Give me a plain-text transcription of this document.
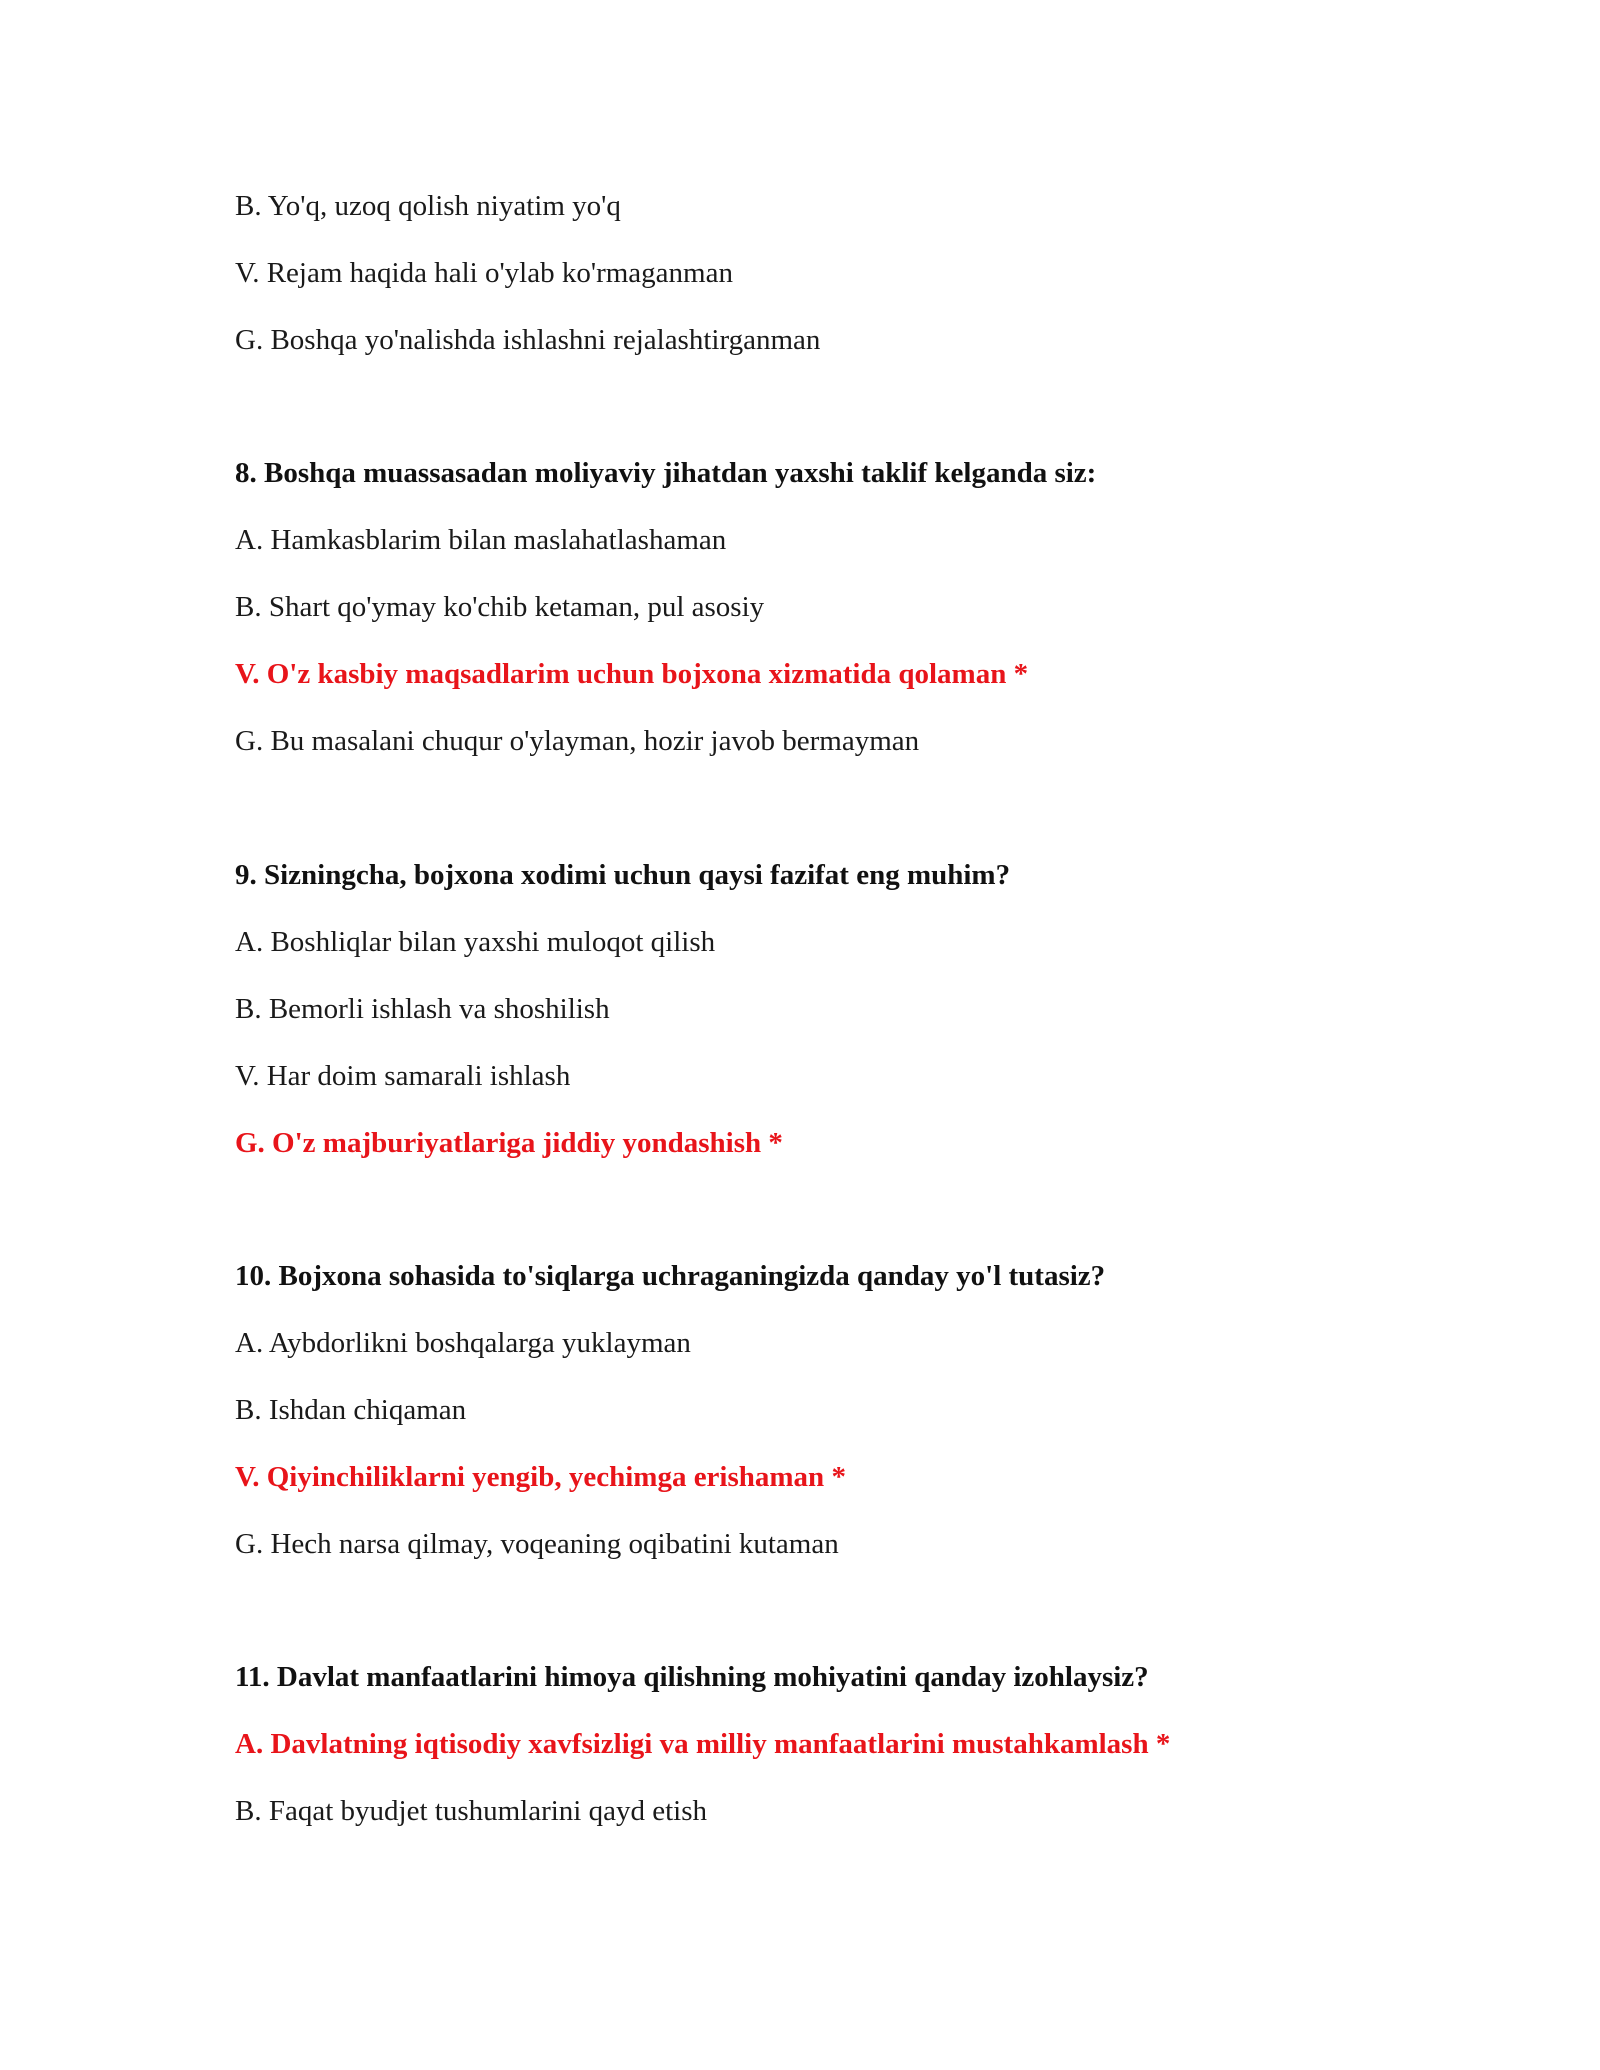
B. Yo'q, uzoq qolish niyatim yo'q
V. Rejam haqida hali o'ylab ko'rmaganman
G. Boshqa yo'nalishda ishlashni rejalashtirganman
8. Boshqa muassasadan moliyaviy jihatdan yaxshi taklif kelganda siz:
A. Hamkasblarim bilan maslahatlashaman
B. Shart qo'ymay ko'chib ketaman, pul asosiy
V. O'z kasbiy maqsadlarim uchun bojxona xizmatida qolaman *
G. Bu masalani chuqur o'ylayman, hozir javob bermayman
9. Sizningcha, bojxona xodimi uchun qaysi fazifat eng muhim?
A. Boshliqlar bilan yaxshi muloqot qilish
B. Bemorli ishlash va shoshilish
V. Har doim samarali ishlash
G. O'z majburiyatlariga jiddiy yondashish *
10. Bojxona sohasida to'siqlarga uchraganingizda qanday yo'l tutasiz?
A. Aybdorlikni boshqalarga yuklayman
B. Ishdan chiqaman
V. Qiyinchiliklarni yengib, yechimga erishaman *
G. Hech narsa qilmay, voqeaning oqibatini kutaman
11. Davlat manfaatlarini himoya qilishning mohiyatini qanday izohlaysiz?
A. Davlatning iqtisodiy xavfsizligi va milliy manfaatlarini mustahkamlash *
B. Faqat byudjet tushumlarini qayd etish
